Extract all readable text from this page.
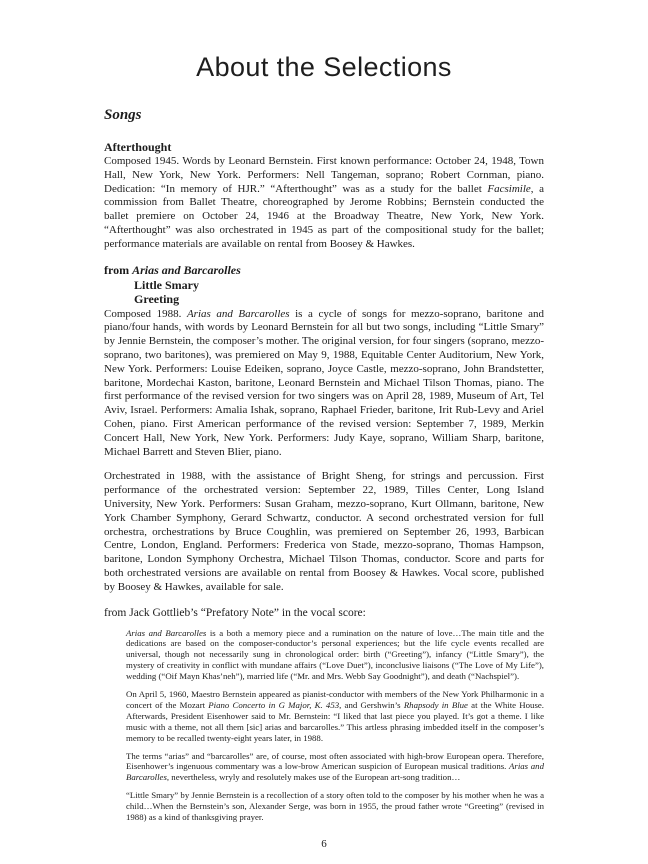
About the Selections
Songs
Afterthought

Composed 1945. Words by Leonard Bernstein. First known performance: October 24, 1948, Town Hall, New York, New York. Performers: Nell Tangeman, soprano; Robert Cornman, piano. Dedication: “In memory of HJR.” “Afterthought” was as a study for the ballet Facsimile, a commission from Ballet Theatre, choreographed by Jerome Robbins; Bernstein conducted the ballet premiere on October 24, 1946 at the Broadway Theatre, New York, New York. “Afterthought” was also orchestrated in 1945 as part of the compositional study for the ballet; performance materials are available on rental from Boosey & Hawkes.

from Arias and Barcarolles
Little Smary
Greeting

Composed 1988. Arias and Barcarolles is a cycle of songs for mezzo-soprano, baritone and piano/four hands, with words by Leonard Bernstein for all but two songs, including “Little Smary” by Jennie Bernstein, the composer’s mother. The original version, for four singers (soprano, mezzo-soprano, two baritones), was premiered on May 9, 1988, Equitable Center Auditorium, New York, New York. Performers: Louise Edeiken, soprano, Joyce Castle, mezzo-soprano, John Brandstetter, baritone, Mordechai Kaston, baritone, Leonard Bernstein and Michael Tilson Thomas, piano. The first performance of the revised version for two singers was on April 28, 1989, Museum of Art, Tel Aviv, Israel. Performers: Amalia Ishak, soprano, Raphael Frieder, baritone, Irit Rub-Levy and Ariel Cohen, piano. First American performance of the revised version: September 7, 1989, Merkin Concert Hall, New York, New York. Performers: Judy Kaye, soprano, William Sharp, baritone, Michael Barrett and Steven Blier, piano.

Orchestrated in 1988, with the assistance of Bright Sheng, for strings and percussion. First performance of the orchestrated version: September 22, 1989, Tilles Center, Long Island University, New York. Performers: Susan Graham, mezzo-soprano, Kurt Ollmann, baritone, New York Chamber Symphony, Gerard Schwartz, conductor. A second orchestrated version for full orchestra, orchestrations by Bruce Coughlin, was premiered on September 26, 1993, Barbican Centre, London, England. Performers: Frederica von Stade, mezzo-soprano, Thomas Hampson, baritone, London Symphony Orchestra, Michael Tilson Thomas, conductor. Score and parts for both orchestrated versions are available on rental from Boosey & Hawkes. Vocal score, published by Boosey & Hawkes, available for sale.

from Jack Gottlieb’s “Prefatory Note” in the vocal score:

Arias and Barcarolles is a both a memory piece and a rumination on the nature of love…The main title and the dedications are based on the composer-conductor’s personal experiences; but the life cycle events recalled are universal, though not necessarily sung in chronological order: birth (“Greeting”), infancy (“Little Smary”), the mystery of creativity in conflict with mundane affairs (“Love Duet”), inconclusive liaisons (“The Love of My Life”), wedding (“Oif Mayn Khas’neh”), married life (“Mr. and Mrs. Webb Say Goodnight”), and death (“Nachspiel”).

On April 5, 1960, Maestro Bernstein appeared as pianist-conductor with members of the New York Philharmonic in a concert of the Mozart Piano Concerto in G Major, K. 453, and Gershwin’s Rhapsody in Blue at the White House. Afterwards, President Eisenhower said to Mr. Bernstein: “I liked that last piece you played. It’s got a theme. I like music with a theme, not all them [sic] arias and barcarolles.” This artless phrasing imbedded itself in the composer’s memory to be recalled twenty-eight years later, in 1988.

The terms “arias” and “barcarolles” are, of course, most often associated with high-brow European opera. Therefore, Eisenhower’s ingenuous commentary was a low-brow American suspicion of European musical traditions. Arias and Barcarolles, nevertheless, wryly and resolutely makes use of the European art-song tradition…

“Little Smary” by Jennie Bernstein is a recollection of a story often told to the composer by his mother when he was a child…When the Bernstein’s son, Alexander Serge, was born in 1955, the proud father wrote “Greeting” (revised in 1988) as a kind of thanksgiving prayer.

6
